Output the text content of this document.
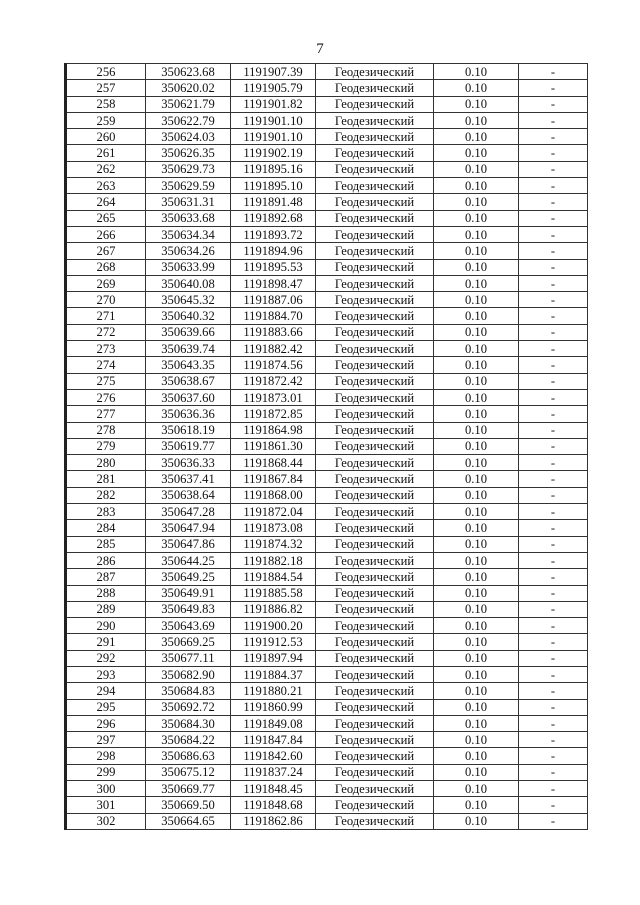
7
256	350623.68	1191907.39	Геодезический	0.10	-
257	350620.02	1191905.79	Геодезический	0.10	-
258	350621.79	1191901.82	Геодезический	0.10	-
259	350622.79	1191901.10	Геодезический	0.10	-
260	350624.03	1191901.10	Геодезический	0.10	-
261	350626.35	1191902.19	Геодезический	0.10	-
262	350629.73	1191895.16	Геодезический	0.10	-
263	350629.59	1191895.10	Геодезический	0.10	-
264	350631.31	1191891.48	Геодезический	0.10	-
265	350633.68	1191892.68	Геодезический	0.10	-
266	350634.34	1191893.72	Геодезический	0.10	-
267	350634.26	1191894.96	Геодезический	0.10	-
268	350633.99	1191895.53	Геодезический	0.10	-
269	350640.08	1191898.47	Геодезический	0.10	-
270	350645.32	1191887.06	Геодезический	0.10	-
271	350640.32	1191884.70	Геодезический	0.10	-
272	350639.66	1191883.66	Геодезический	0.10	-
273	350639.74	1191882.42	Геодезический	0.10	-
274	350643.35	1191874.56	Геодезический	0.10	-
275	350638.67	1191872.42	Геодезический	0.10	-
276	350637.60	1191873.01	Геодезический	0.10	-
277	350636.36	1191872.85	Геодезический	0.10	-
278	350618.19	1191864.98	Геодезический	0.10	-
279	350619.77	1191861.30	Геодезический	0.10	-
280	350636.33	1191868.44	Геодезический	0.10	-
281	350637.41	1191867.84	Геодезический	0.10	-
282	350638.64	1191868.00	Геодезический	0.10	-
283	350647.28	1191872.04	Геодезический	0.10	-
284	350647.94	1191873.08	Геодезический	0.10	-
285	350647.86	1191874.32	Геодезический	0.10	-
286	350644.25	1191882.18	Геодезический	0.10	-
287	350649.25	1191884.54	Геодезический	0.10	-
288	350649.91	1191885.58	Геодезический	0.10	-
289	350649.83	1191886.82	Геодезический	0.10	-
290	350643.69	1191900.20	Геодезический	0.10	-
291	350669.25	1191912.53	Геодезический	0.10	-
292	350677.11	1191897.94	Геодезический	0.10	-
293	350682.90	1191884.37	Геодезический	0.10	-
294	350684.83	1191880.21	Геодезический	0.10	-
295	350692.72	1191860.99	Геодезический	0.10	-
296	350684.30	1191849.08	Геодезический	0.10	-
297	350684.22	1191847.84	Геодезический	0.10	-
298	350686.63	1191842.60	Геодезический	0.10	-
299	350675.12	1191837.24	Геодезический	0.10	-
300	350669.77	1191848.45	Геодезический	0.10	-
301	350669.50	1191848.68	Геодезический	0.10	-
302	350664.65	1191862.86	Геодезический	0.10	-
